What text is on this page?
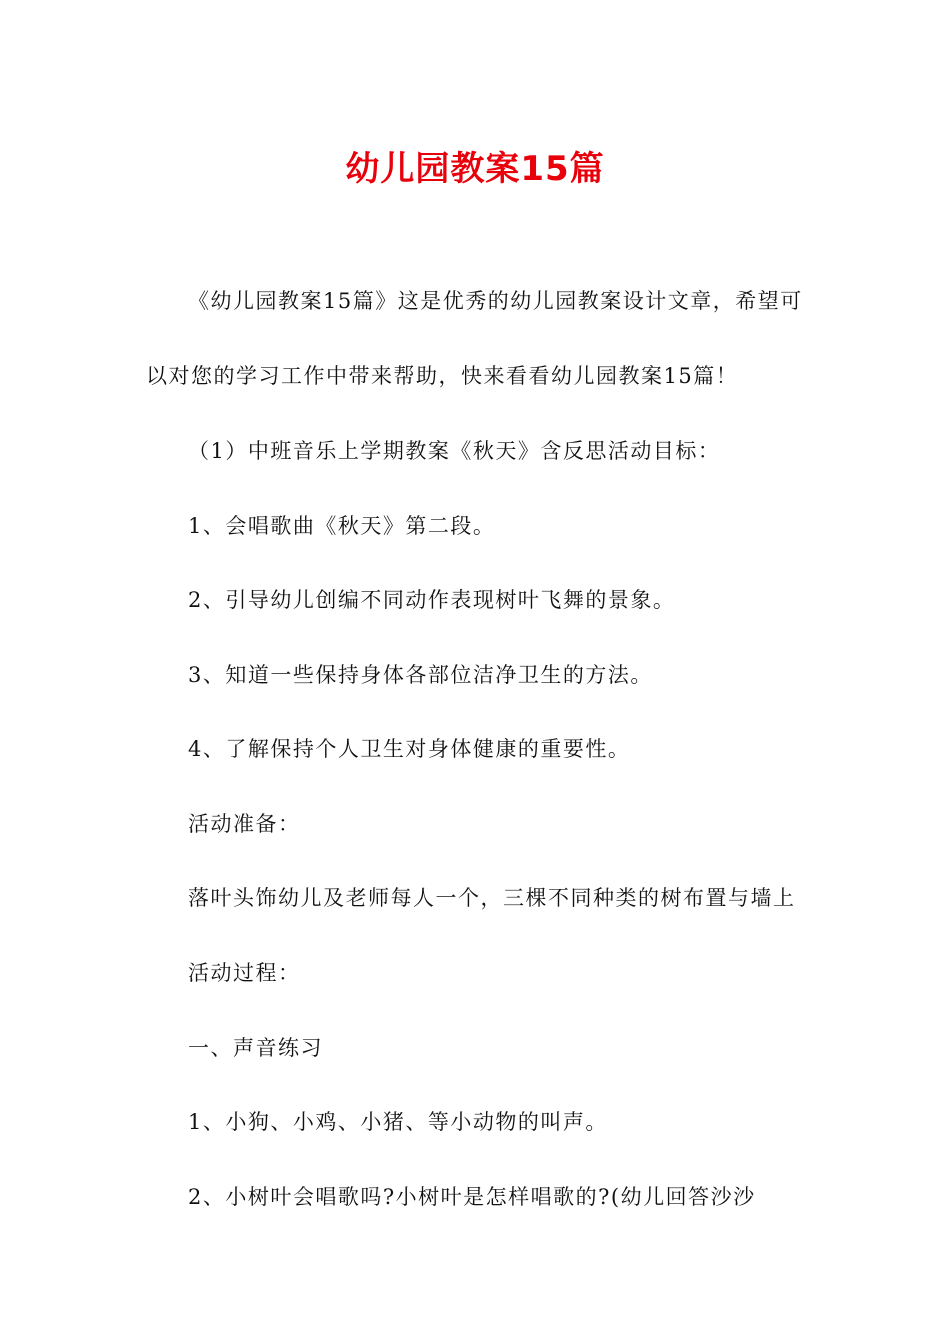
幼儿园教案15篇
《幼儿园教案15篇》这是优秀的幼儿园教案设计文章，希望可
以对您的学习工作中带来帮助，快来看看幼儿园教案15篇！
（1）中班音乐上学期教案《秋天》含反思活动目标：
1、会唱歌曲《秋天》第二段。
2、引导幼儿创编不同动作表现树叶飞舞的景象。
3、知道一些保持身体各部位洁净卫生的方法。
4、了解保持个人卫生对身体健康的重要性。
活动准备：
落叶头饰幼儿及老师每人一个，三棵不同种类的树布置与墙上
活动过程：
一、声音练习
1、小狗、小鸡、小猪、等小动物的叫声。
2、小树叶会唱歌吗?小树叶是怎样唱歌的?(幼儿回答沙沙
